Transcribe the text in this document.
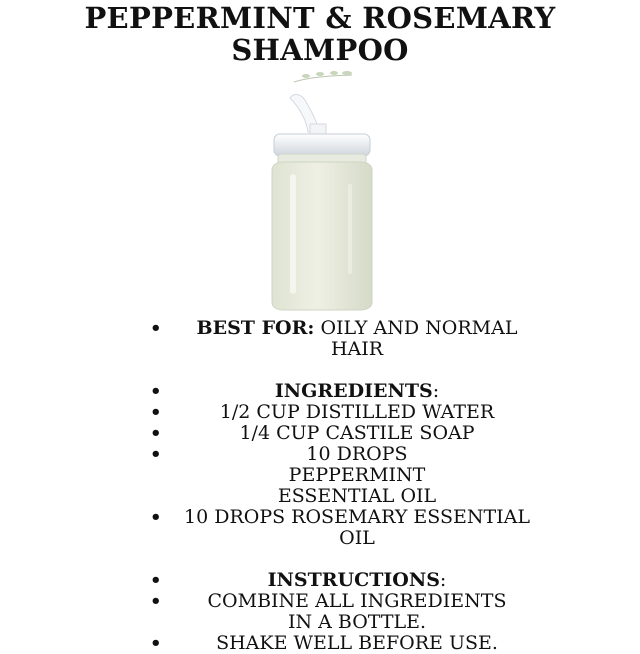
PEPPERMINT & ROSEMARY
SHAMPOO
•	BEST FOR: OILY AND NORMAL HAIR
•	INGREDIENTS:
•	1/2 CUP DISTILLED WATER
•	1/4 CUP CASTILE SOAP
•	10 DROPS PEPPERMINT ESSENTIAL OIL
•	10 DROPS ROSEMARY ESSENTIAL OIL
•	INSTRUCTIONS:
•	COMBINE ALL INGREDIENTS IN A BOTTLE.
•	SHAKE WELL BEFORE USE.
